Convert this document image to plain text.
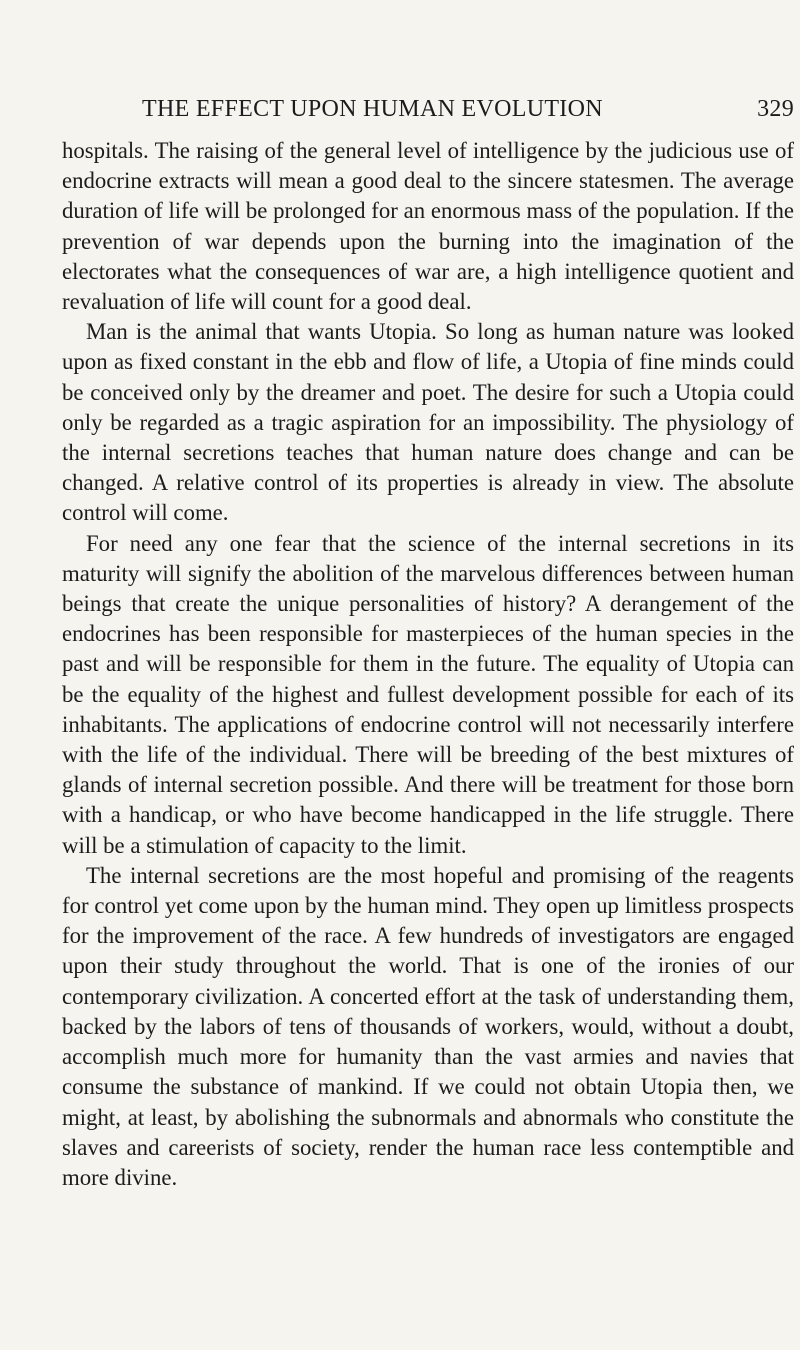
THE EFFECT UPON HUMAN EVOLUTION	329

hospitals. The raising of the general level of intelligence by the judicious use of endocrine extracts will mean a good deal to the sincere statesmen. The average duration of life will be prolonged for an enormous mass of the population. If the prevention of war depends upon the burning into the imagination of the electorates what the consequences of war are, a high intelligence quotient and revaluation of life will count for a good deal.

Man is the animal that wants Utopia. So long as human nature was looked upon as fixed constant in the ebb and flow of life, a Utopia of fine minds could be conceived only by the dreamer and poet. The desire for such a Utopia could only be regarded as a tragic aspiration for an impossibility. The physiology of the internal secretions teaches that human nature does change and can be changed. A relative control of its properties is already in view. The absolute control will come.

For need any one fear that the science of the internal secretions in its maturity will signify the abolition of the marvelous differences between human beings that create the unique personalities of history? A derangement of the endocrines has been responsible for masterpieces of the human species in the past and will be responsible for them in the future. The equality of Utopia can be the equality of the highest and fullest development possible for each of its inhabitants. The applications of endocrine control will not necessarily interfere with the life of the individual. There will be breeding of the best mixtures of glands of internal secretion possible. And there will be treatment for those born with a handicap, or who have become handicapped in the life struggle. There will be a stimulation of capacity to the limit.

The internal secretions are the most hopeful and promising of the reagents for control yet come upon by the human mind. They open up limitless prospects for the improvement of the race. A few hundreds of investigators are engaged upon their study throughout the world. That is one of the ironies of our contemporary civilization. A concerted effort at the task of understanding them, backed by the labors of tens of thousands of workers, would, without a doubt, accomplish much more for humanity than the vast armies and navies that consume the substance of mankind. If we could not obtain Utopia then, we might, at least, by abolishing the subnormals and abnormals who constitute the slaves and careerists of society, render the human race less contemptible and more divine.
